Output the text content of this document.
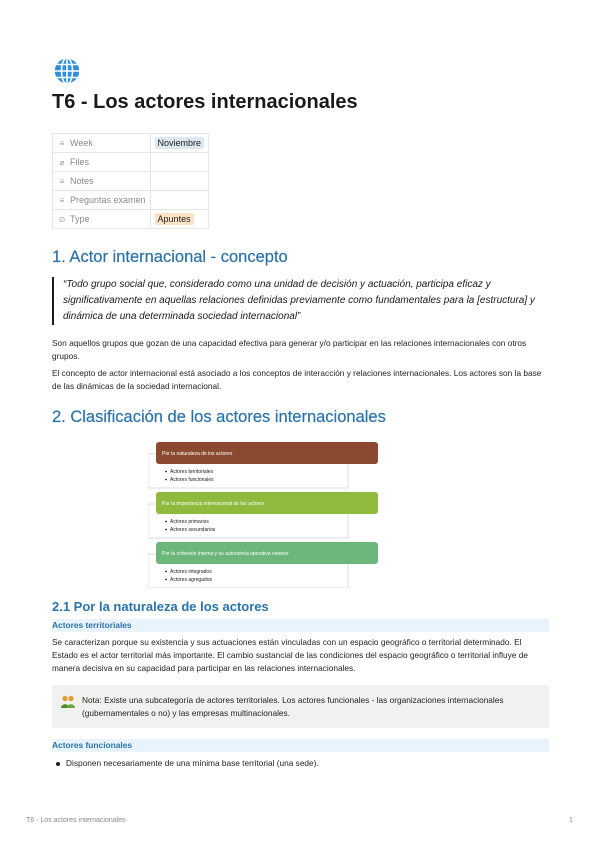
T6 - Los actores internacionales
≡ Week	Noviembre
⌀ Files	
≡ Notes	
≡ Preguntas examen	
⊙ Type	Apuntes
1. Actor internacional - concepto
“Todo grupo social que, considerado como una unidad de decisión y actuación, participa eficaz y significativamente en aquellas relaciones definidas previamente como fundamentales para la [estructura] y dinámica de una determinada sociedad internacional”

Son aquellos grupos que gozan de una capacidad efectiva para generar y/o participar en las relaciones internacionales con otros grupos.

El concepto de actor internacional está asociado a los conceptos de interacción y relaciones internacionales. Los actores son la base de las dinámicas de la sociedad internacional.

2. Clasificación de los actores internacionales
Por la naturaleza de los actores
Actores territoriales
Actores funcionales
Por la importancia internacional de los actores
Actores primarios
Actores secundarios
Por la cohesión interna y su autonomía operativa exterior
Actores integrados
Actores agregados
2.1 Por la naturaleza de los actores
Actores territoriales

Se caracterizan porque su existencia y sus actuaciones están vinculadas con un espacio geográfico o territorial determinado. El Estado es el actor territorial más importante. El cambio sustancial de las condiciones del espacio geográfico o territorial influye de manera decisiva en su capacidad para participar en las relaciones internacionales.

Nota: Existe una subcategoría de actores territoriales. Los actores funcionales - las organizaciones internacionales (gubernamentales o no) y las empresas multinacionales.
Actores funcionales
Disponen necesariamente de una mínima base territorial (una sede).
T6 - Los actores internacionales	1
